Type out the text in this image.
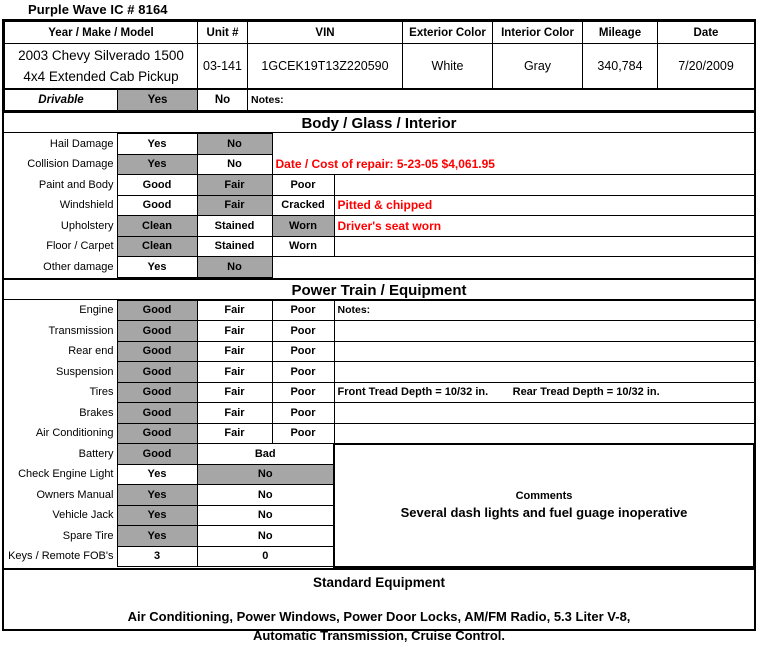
Purple Wave IC # 8164
Year / Make / Model	Unit #	VIN	Exterior Color	Interior Color	Mileage	Date

2003 Chevy Silverado 1500
4x4 Extended Cab Pickup	03-141	1GCEK19T13Z220590	White	Gray	340,784	7/20/2009
Drivable	Yes	No	Notes:
Body / Glass / Interior
Hail Damage	Yes	No		
Collision Damage	Yes	No	Date / Cost of repair: 5-23-05 $4,061.95	
Paint and Body	Good	Fair	Poor	
Windshield	Good	Fair	Cracked	Pitted & chipped
Upholstery	Clean	Stained	Worn	Driver's seat worn
Floor / Carpet	Clean	Stained	Worn	
Other damage	Yes	No		
Power Train / Equipment
Engine	Good	Fair	Poor	Notes:
Transmission	Good	Fair	Poor	
Rear end	Good	Fair	Poor	
Suspension	Good	Fair	Poor	
Tires	Good	Fair	Poor	Front Tread Depth = 10/32 in.        Rear Tread Depth = 10/32 in.
Brakes	Good	Fair	Poor	
Air Conditioning	Good	Fair	Poor	
Battery	Good	Bad		Comments
Several dash lights and fuel guage inoperative

Check Engine Light	Yes	No		
Owners Manual	Yes	No		
Vehicle Jack	Yes	No		
Spare Tire	Yes	No		
Keys / Remote FOB's	3	0		
Standard Equipment
Air Conditioning, Power Windows, Power Door Locks, AM/FM Radio, 5.3 Liter V-8,
Automatic Transmission, Cruise Control.
